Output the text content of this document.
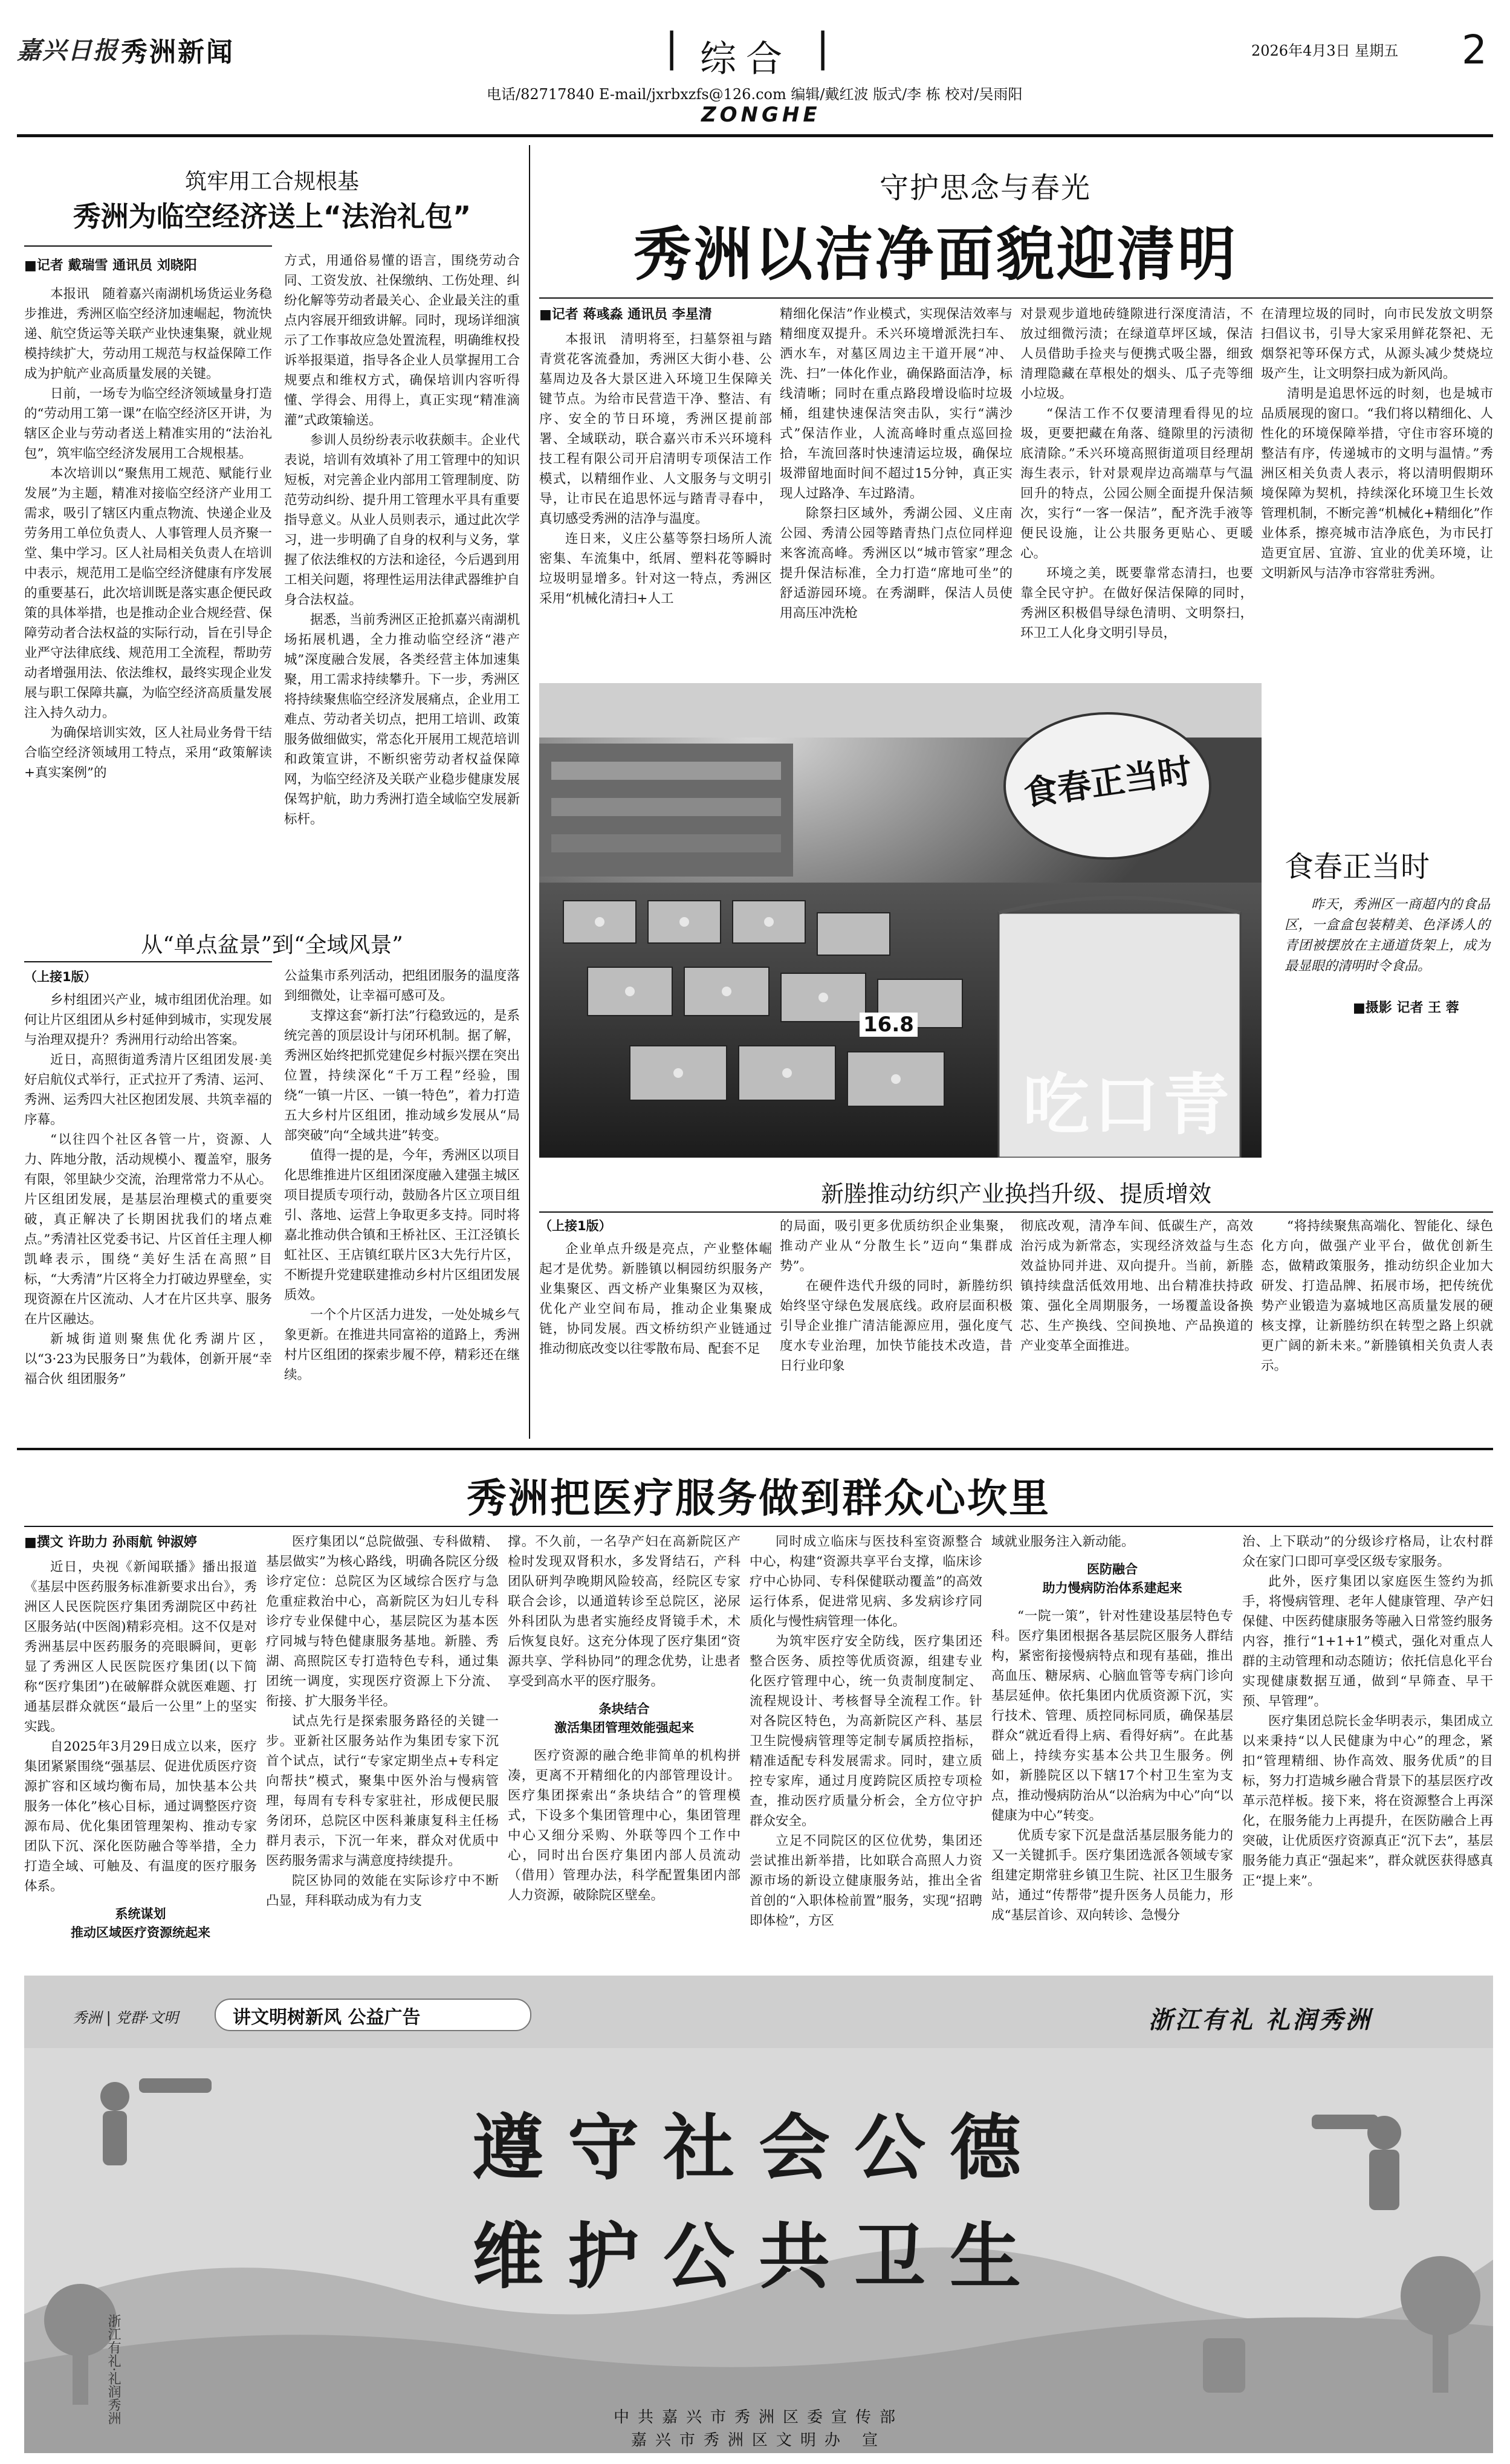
嘉兴日报 秀洲新闻	| 综合 |
ZONGHE
2026年4月3日 星期五 2
电话/82717840 E-mail/jxrbxzfs@126.com 编辑/戴红波 版式/李 栋 校对/吴雨阳
筑牢用工合规根基
秀洲为临空经济送上“法治礼包”
■记者 戴瑞雪 通讯员 刘晓阳

本报讯　随着嘉兴南湖机场货运业务稳步推进，秀洲区临空经济加速崛起，物流快递、航空货运等关联产业快速集聚，就业规模持续扩大，劳动用工规范与权益保障工作成为护航产业高质量发展的关键。

日前，一场专为临空经济领域量身打造的“劳动用工第一课”在临空经济区开讲，为辖区企业与劳动者送上精准实用的“法治礼包”，筑牢临空经济发展用工合规根基。

本次培训以“聚焦用工规范、赋能行业发展”为主题，精准对接临空经济产业用工需求，吸引了辖区内重点物流、快递企业及劳务用工单位负责人、人事管理人员齐聚一堂、集中学习。区人社局相关负责人在培训中表示，规范用工是临空经济健康有序发展的重要基石，此次培训既是落实惠企便民政策的具体举措，也是推动企业合规经营、保障劳动者合法权益的实际行动，旨在引导企业严守法律底线、规范用工全流程，帮助劳动者增强用法、依法维权，最终实现企业发展与职工保障共赢，为临空经济高质量发展注入持久动力。

为确保培训实效，区人社局业务骨干结合临空经济领域用工特点，采用“政策解读+真实案例”的

方式，用通俗易懂的语言，围绕劳动合同、工资发放、社保缴纳、工伤处理、纠纷化解等劳动者最关心、企业最关注的重点内容展开细致讲解。同时，现场详细演示了工作事故应急处置流程，明确维权投诉举报渠道，指导各企业人员掌握用工合规要点和维权方式，确保培训内容听得懂、学得会、用得上，真正实现“精准滴灌”式政策输送。

参训人员纷纷表示收获颇丰。企业代表说，培训有效填补了用工管理中的知识短板，对完善企业内部用工管理制度、防范劳动纠纷、提升用工管理水平具有重要指导意义。从业人员则表示，通过此次学习，进一步明确了自身的权利与义务，掌握了依法维权的方法和途径，今后遇到用工相关问题，将理性运用法律武器维护自身合法权益。

据悉，当前秀洲区正抢抓嘉兴南湖机场拓展机遇，全力推动临空经济“港产城”深度融合发展，各类经营主体加速集聚，用工需求持续攀升。下一步，秀洲区将持续聚焦临空经济发展痛点，企业用工难点、劳动者关切点，把用工培训、政策服务做细做实，常态化开展用工规范培训和政策宣讲，不断织密劳动者权益保障网，为临空经济及关联产业稳步健康发展保驾护航，助力秀洲打造全域临空发展新标杆。

从“单点盆景”到“全域风景”
（上接1版）

乡村组团兴产业，城市组团优治理。如何让片区组团从乡村延伸到城市，实现发展与治理双提升？秀洲用行动给出答案。

近日，高照街道秀清片区组团发展·美好启航仪式举行，正式拉开了秀清、运河、秀洲、运秀四大社区抱团发展、共筑幸福的序幕。

“以往四个社区各管一片，资源、人力、阵地分散，活动规模小、覆盖窄，服务有限，邻里缺少交流，治理常常力不从心。片区组团发展，是基层治理模式的重要突破，真正解决了长期困扰我们的堵点难点。”秀清社区党委书记、片区首任主理人柳凯峰表示，围绕“美好生活在高照”目标，“大秀清”片区将全力打破边界壁垒，实现资源在片区流动、人才在片区共享、服务在片区融达。

新城街道则聚焦优化秀湖片区，以“3·23为民服务日”为载体，创新开展“幸福合伙 组团服务”

公益集市系列活动，把组团服务的温度落到细微处，让幸福可感可及。

支撑这套“新打法”行稳致远的，是系统完善的顶层设计与闭环机制。据了解，秀洲区始终把抓党建促乡村振兴摆在突出位置，持续深化“千万工程”经验，围绕“一镇一片区、一镇一特色”，着力打造五大乡村片区组团，推动域乡发展从“局部突破”向“全域共进”转变。

值得一提的是，今年，秀洲区以项目化思维推进片区组团深度融入建强主城区项目提质专项行动，鼓励各片区立项目组引、落地、运营上争取更多支持。同时将嘉北推动供合镇和王桥社区、王江泾镇长虹社区、王店镇红联片区3大先行片区，不断提升党建联建推动乡村片区组团发展质效。

一个个片区活力进发，一处处城乡气象更新。在推进共同富裕的道路上，秀洲村片区组团的探索步履不停，精彩还在继续。

守护思念与春光
秀洲以洁净面貌迎清明
■记者 蒋彧淼 通讯员 李星清

本报讯　清明将至，扫墓祭祖与踏青赏花客流叠加，秀洲区大街小巷、公墓周边及各大景区进入环境卫生保障关键节点。为给市民营造干净、整洁、有序、安全的节日环境，秀洲区提前部署、全域联动，联合嘉兴市禾兴环境科技工程有限公司开启清明专项保洁工作模式，以精细作业、人文服务与文明引导，让市民在追思怀远与踏青寻春中，真切感受秀洲的洁净与温度。

连日来，义庄公墓等祭扫场所人流密集、车流集中，纸屑、塑料花等瞬时垃圾明显增多。针对这一特点，秀洲区采用“机械化清扫+人工

精细化保洁”作业模式，实现保洁效率与精细度双提升。禾兴环境增派洗扫车、洒水车，对墓区周边主干道开展“冲、洗、扫”一体化作业，确保路面洁净，标线清晰；同时在重点路段增设临时垃圾桶，组建快速保洁突击队，实行“满沙式”保洁作业，人流高峰时重点巡回捡拾，车流回落时快速清运垃圾，确保垃圾滞留地面时间不超过15分钟，真正实现人过路净、车过路清。

除祭扫区域外，秀湖公园、义庄南公园、秀清公园等踏青热门点位同样迎来客流高峰。秀洲区以“城市管家”理念提升保洁标准，全力打造“席地可坐”的舒适游园环境。在秀湖畔，保洁人员使用高压冲洗枪

对景观步道地砖缝隙进行深度清洁，不放过细微污渍；在绿道草坪区域，保洁人员借助手捡夹与便携式吸尘器，细致清理隐藏在草根处的烟头、瓜子壳等细小垃圾。

“保洁工作不仅要清理看得见的垃圾，更要把藏在角落、缝隙里的污渍彻底清除。”禾兴环境高照街道项目经理胡海生表示，针对景观岸边高端草与气温回升的特点，公园公厕全面提升保洁频次，实行“一客一保洁”，配齐洗手液等便民设施，让公共服务更贴心、更暖心。

环境之美，既要靠常态清扫，也要靠全民守护。在做好保洁保障的同时，秀洲区积极倡导绿色清明、文明祭扫，环卫工人化身文明引导员，

在清理垃圾的同时，向市民发放文明祭扫倡议书，引导大家采用鲜花祭祀、无烟祭祀等环保方式，从源头减少焚烧垃圾产生，让文明祭扫成为新风尚。

清明是追思怀远的时刻，也是城市品质展现的窗口。“我们将以精细化、人性化的环境保障举措，守住市容环境的整洁有序，传递城市的文明与温情。”秀洲区相关负责人表示，将以清明假期环境保障为契机，持续深化环境卫生长效管理机制，不断完善“机械化+精细化”作业体系，擦亮城市洁净底色，为市民打造更宜居、宜游、宜业的优美环境，让文明新风与洁净市容常驻秀洲。

食春正当时
吃口青
16.8
食春正当时
昨天，秀洲区一商超内的食品区，一盒盒包装精美、色泽诱人的青团被摆放在主通道货架上，成为最显眼的清明时令食品。
■摄影 记者 王 蓉
新塍推动纺织产业换挡升级、提质增效
（上接1版）

企业单点升级是亮点，产业整体崛起才是优势。新塍镇以桐园纺织服务产业集聚区、西文桥产业集聚区为双核，优化产业空间布局，推动企业集聚成链，协同发展。西文桥纺织产业链通过推动彻底改变以往零散布局、配套不足

的局面，吸引更多优质纺织企业集聚，推动产业从“分散生长”迈向“集群成势”。

在硬件迭代升级的同时，新塍纺织始终坚守绿色发展底线。政府层面积极引导企业推广清洁能源应用，强化度气度水专业治理，加快节能技术改造，昔日行业印象

彻底改观，清净车间、低碳生产，高效治污成为新常态，实现经济效益与生态效益协同并进、双向提升。当前，新塍镇持续盘活低效用地、出台精准扶持政策、强化全周期服务，一场覆盖设备换芯、生产换线、空间换地、产品换道的产业变革全面推进。

“将持续聚焦高端化、智能化、绿色化方向，做强产业平台，做优创新生态，做精政策服务，推动纺织企业加大研发、打造品牌、拓展市场，把传统优势产业锻造为嘉城地区高质量发展的硬核支撑，让新塍纺织在转型之路上织就更广阔的新未来。”新塍镇相关负责人表示。

秀洲把医疗服务做到群众心坎里
■撰文 许助力 孙雨航 钟淑婷

近日，央视《新闻联播》播出报道《基层中医药服务标准新要求出台》，秀洲区人民医院医疗集团秀湖院区中药社区服务站(中医阁)精彩亮相。这不仅是对秀洲基层中医药服务的亮眼瞬间，更彰显了秀洲区人民医院医疗集团(以下简称“医疗集团”)在破解群众就医难题、打通基层群众就医“最后一公里”上的坚实实践。

自2025年3月29日成立以来，医疗集团紧紧围绕“强基层、促进优质医疗资源扩容和区域均衡布局，加快基本公共服务一体化”核心目标，通过调整医疗资源布局、优化集团管理架构、推动专家团队下沉、深化医防融合等举措，全力打造全域、可触及、有温度的医疗服务体系。

系统谋划
推动区域医疗资源统起来

医疗集团以“总院做强、专科做精、基层做实”为核心路线，明确各院区分级诊疗定位：总院区为区域综合医疗与急危重症救治中心，高新院区为妇儿专科诊疗专业保健中心，基层院区为基本医疗同城与特色健康服务基地。新塍、秀湖、高照院区专打造特色专科，通过集团统一调度，实现医疗资源上下分流、衔接、扩大服务半径。

试点先行是探索服务路径的关键一步。亚新社区服务站作为集团专家下沉首个试点，试行“专家定期坐点+专科定向帮扶”模式，聚集中医外治与慢病管理，每周有专科专家驻社，形成便民服务闭环，总院区中医科兼康复科主任杨群月表示，下沉一年来，群众对优质中医药服务需求与满意度持续提升。

院区协同的效能在实际诊疗中不断凸显，拜科联动成为有力支

撑。不久前，一名孕产妇在高新院区产检时发现双肾积水，多发肾结石，产科团队研判孕晚期风险较高，经院区专家联合会诊，以通道转诊至总院区，泌尿外科团队为患者实施经皮肾镜手术，术后恢复良好。这充分体现了医疗集团“资源共享、学科协同”的理念优势，让患者享受到高水平的医疗服务。

条块结合
激活集团管理效能强起来

医疗资源的融合绝非简单的机构拼凑，更离不开精细化的内部管理设计。医疗集团探索出“条块结合”的管理模式，下设多个集团管理中心，集团管理中心又细分采购、外联等四个工作中心，同时出台医疗集团内部人员流动（借用）管理办法，科学配置集团内部人力资源，破除院区壁垒。

同时成立临床与医技科室资源整合中心，构建“资源共享平台支撑，临床诊疗中心协同、专科保健联动覆盖”的高效运行体系，促进常见病、多发病诊疗同质化与慢性病管理一体化。

为筑牢医疗安全防线，医疗集团还整合医务、质控等优质资源，组建专业化医疗管理中心，统一负责制度制定、流程规设计、考核督导全流程工作。针对各院区特色，为高新院区产科、基层卫生院慢病管理等定制专属质控指标，精准适配专科发展需求。同时，建立质控专家库，通过月度跨院区质控专项检查，推动医疗质量分析会，全方位守护群众安全。

立足不同院区的区位优势，集团还尝试推出新举措，比如联合高照人力资源市场的新设立健康服务站，推出全省首创的“入职体检前置”服务，实现“招聘即体检”，方区

域就业服务注入新动能。

医防融合
助力慢病防治体系建起来

“一院一策”，针对性建设基层特色专科。医疗集团根据各基层院区服务人群结构，紧密衔接慢病特点和现有基础，推出高血压、糖尿病、心脑血管等专病门诊向基层延伸。依托集团内优质资源下沉，实行技术、管理、质控同标同质，确保基层群众“就近看得上病、看得好病”。在此基础上，持续夯实基本公共卫生服务。例如，新塍院区以下辖17个村卫生室为支点，推动慢病防治从“以治病为中心”向“以健康为中心”转变。

优质专家下沉是盘活基层服务能力的又一关键抓手。医疗集团选派各领域专家组建定期常驻乡镇卫生院、社区卫生服务站，通过“传帮带”提升医务人员能力，形成“基层首诊、双向转诊、急慢分

治、上下联动”的分级诊疗格局，让农村群众在家门口即可享受区级专家服务。

此外，医疗集团以家庭医生签约为抓手，将慢病管理、老年人健康管理、孕产妇保健、中医药健康服务等融入日常签约服务内容，推行“1+1+1”模式，强化对重点人群的主动管理和动态随访；依托信息化平台实现健康数据互通，做到“早筛查、早干预、早管理”。

医疗集团总院长金华明表示，集团成立以来秉持“以人民健康为中心”的理念，紧扣“管理精细、协作高效、服务优质”的目标，努力打造城乡融合背景下的基层医疗改革示范样板。接下来，将在资源整合上再深化，在服务能力上再提升，在医防融合上再突破，让优质医疗资源真正“沉下去”，基层服务能力真正“强起来”，群众就医获得感真正“提上来”。

秀洲 | 党群·文明	讲文明树新风 公益广告	浙江有礼 礼润秀洲
遵守社会公德
维护公共卫生
浙江有礼·礼润秀洲	中共嘉兴市秀洲区委宣传部
嘉兴市秀洲区文明办 宣
